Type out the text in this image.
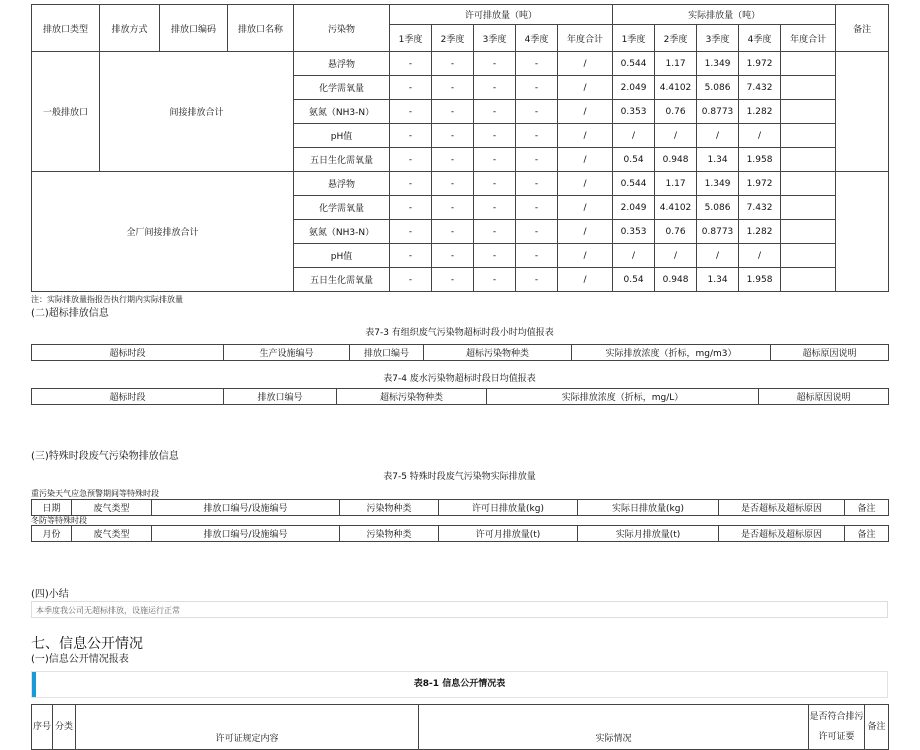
排放口类型	排放方式	排放口编码	排放口名称	污染物	许可排放量（吨）					实际排放量（吨）					备注
					1季度	2季度	3季度	4季度	年度合计	1季度	2季度	3季度	4季度	年度合计	
一般排放口	间接排放合计			悬浮物	-	-	-	-	/	0.544	1.17	1.349	1.972		
				化学需氧量	-	-	-	-	/	2.049	4.4102	5.086	7.432		
				氨氮（NH3-N）	-	-	-	-	/	0.353	0.76	0.8773	1.282		
				pH值	-	-	-	-	/	/	/	/	/		
				五日生化需氧量	-	-	-	-	/	0.54	0.948	1.34	1.958		
全厂间接排放合计				悬浮物	-	-	-	-	/	0.544	1.17	1.349	1.972		
				化学需氧量	-	-	-	-	/	2.049	4.4102	5.086	7.432		
				氨氮（NH3-N）	-	-	-	-	/	0.353	0.76	0.8773	1.282		
				pH值	-	-	-	-	/	/	/	/	/		
				五日生化需氧量	-	-	-	-	/	0.54	0.948	1.34	1.958		
注：实际排放量指报告执行期内实际排放量
(二)超标排放信息
表7-3 有组织废气污染物超标时段小时均值报表
超标时段	生产设施编号	排放口编号	超标污染物种类	实际排放浓度（折标，mg/m3）	超标原因说明
表7-4 废水污染物超标时段日均值报表
超标时段	排放口编号	超标污染物种类	实际排放浓度（折标，mg/L）	超标原因说明
(三)特殊时段废气污染物排放信息
表7-5 特殊时段废气污染物实际排放量
重污染天气应急预警期间等特殊时段
日期	废气类型	排放口编号/设施编号	污染物种类	许可日排放量(kg)	实际日排放量(kg)	是否超标及超标原因	备注
冬防等特殊时段
月份	废气类型	排放口编号/设施编号	污染物种类	许可月排放量(t)	实际月排放量(t)	是否超标及超标原因	备注
(四)小结
本季度我公司无超标排放，设施运行正常
七、信息公开情况
(一)信息公开情况报表
表8-1 信息公开情况表
序号	分类	许可证规定内容	实际情况	是否符合排污许可证要	备注
